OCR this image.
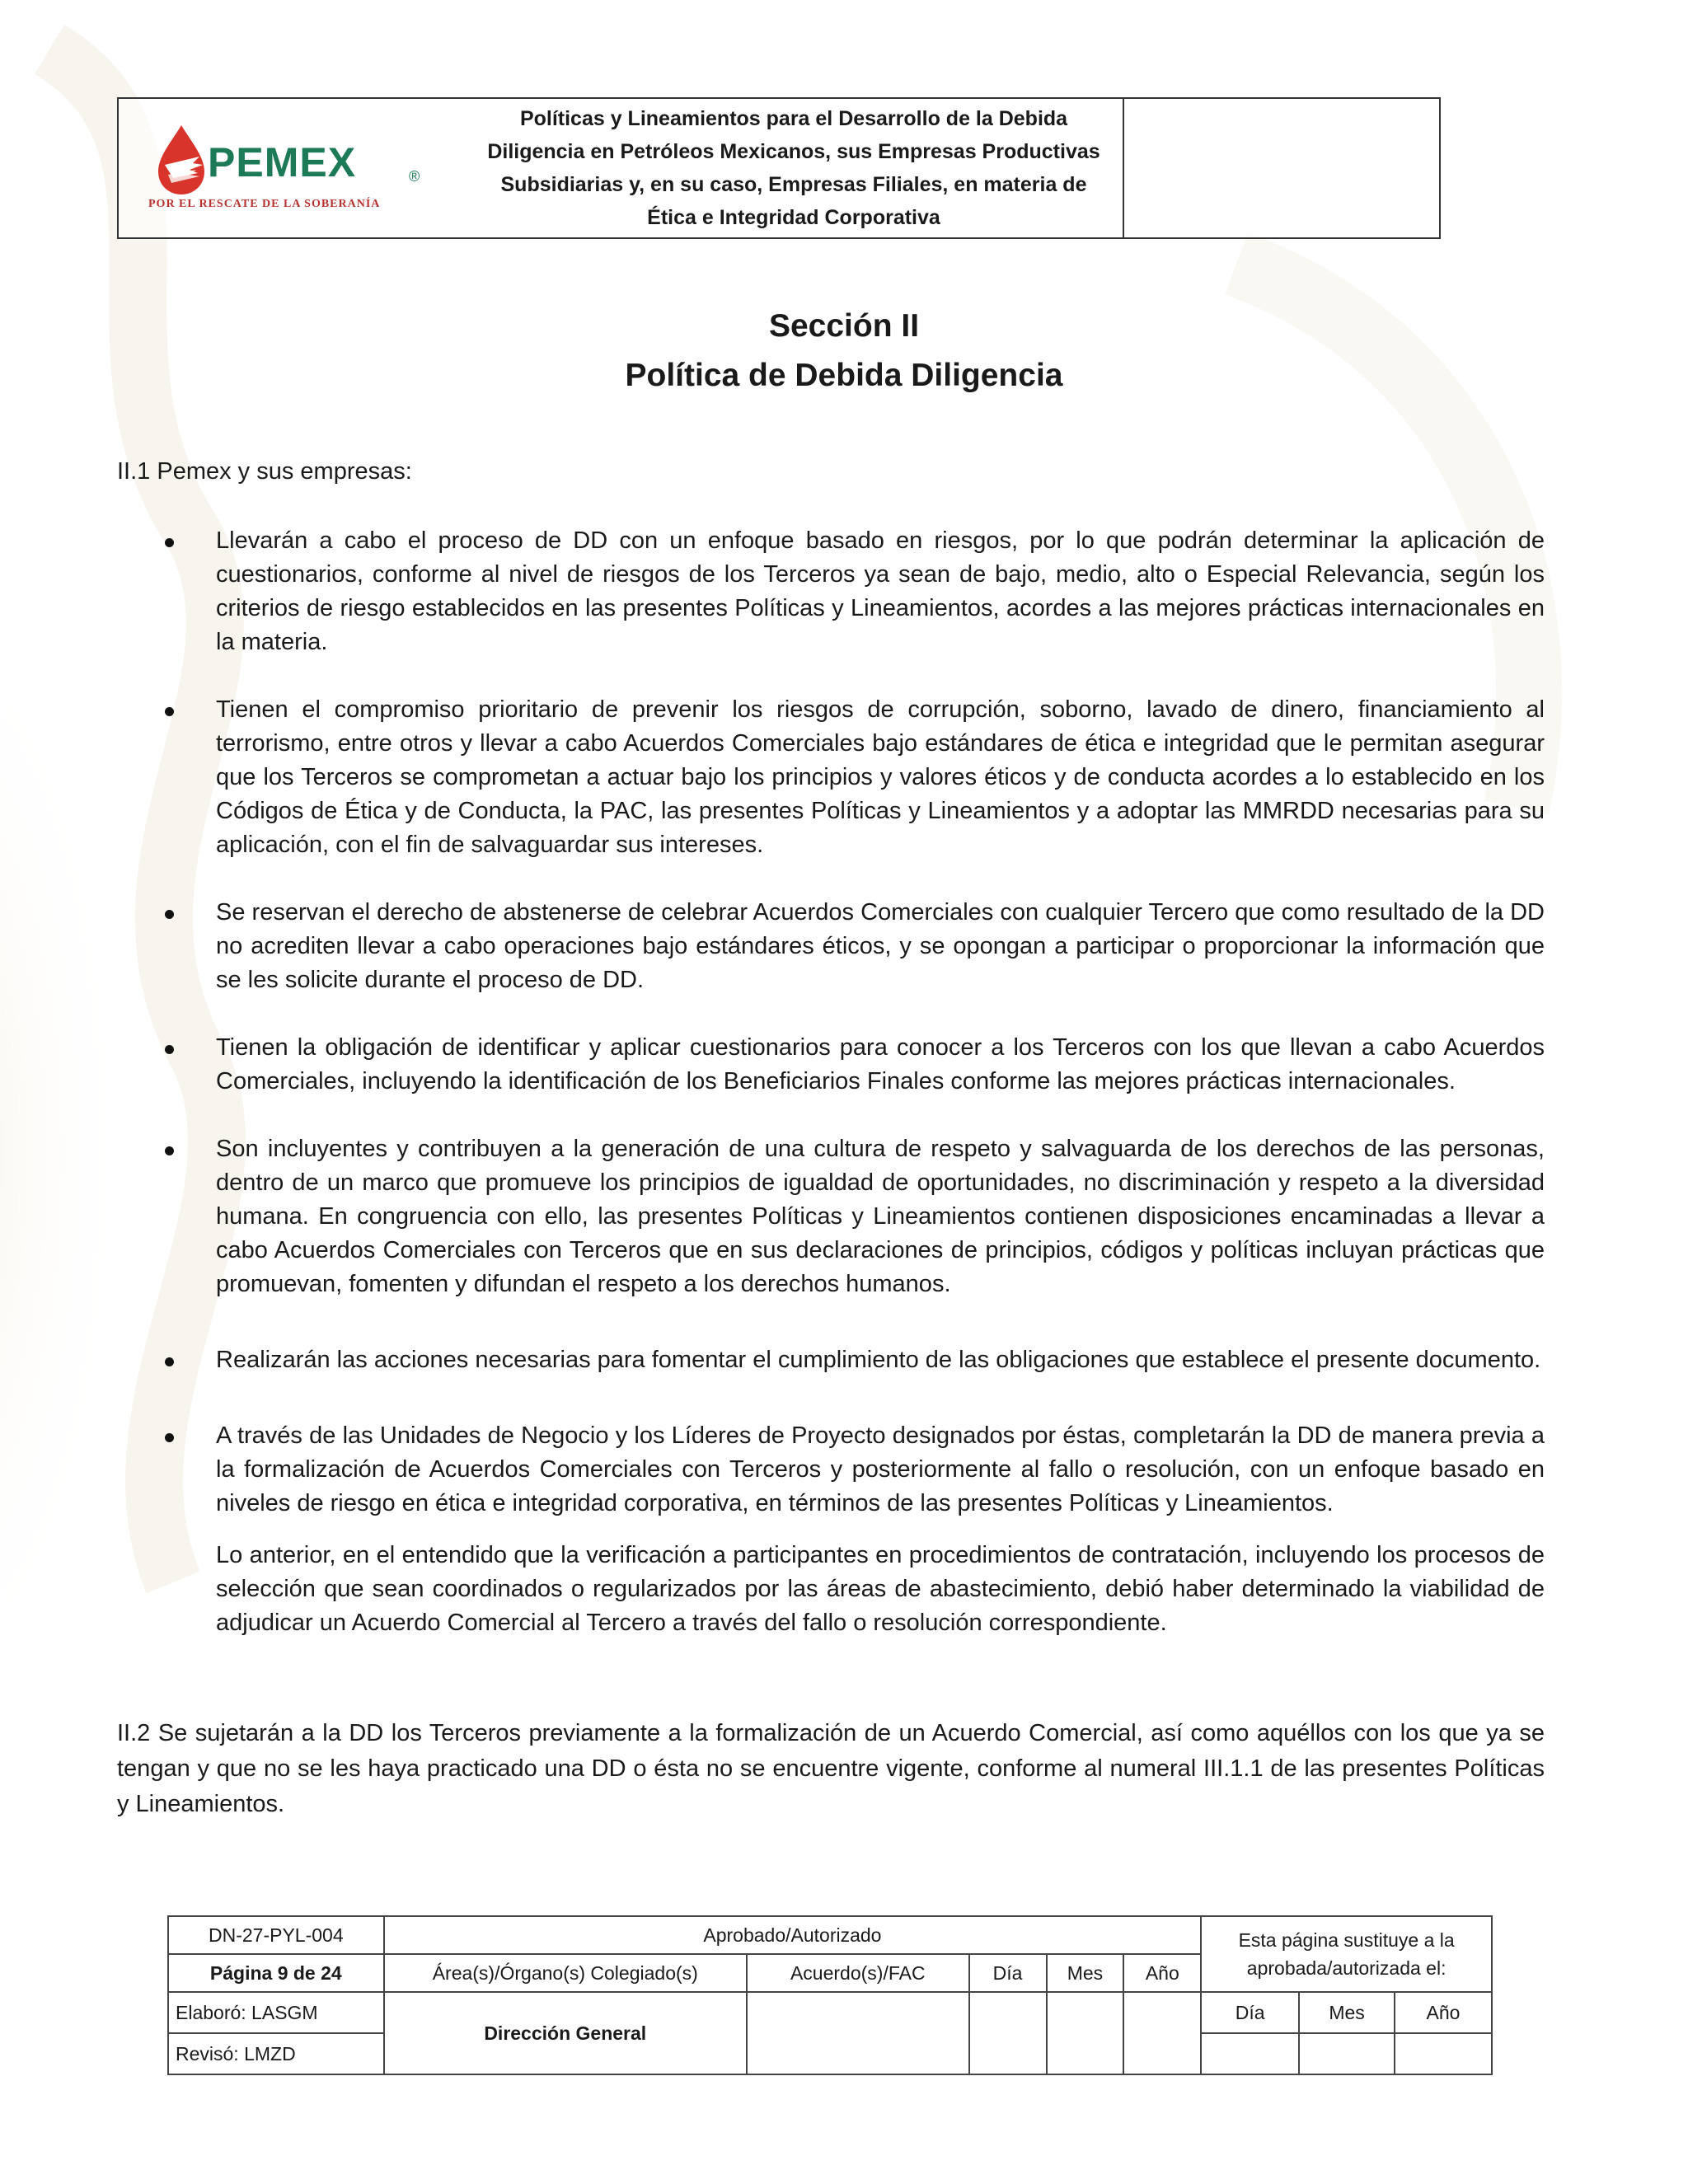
PEMEX	®
POR EL RESCATE DE LA SOBERANÍA
Políticas y Lineamientos para el Desarrollo de la Debida Diligencia en Petróleos Mexicanos, sus Empresas Productivas Subsidiarias y, en su caso, Empresas Filiales, en materia de Ética e Integridad Corporativa
Sección II
Política de Debida Diligencia
II.1 Pemex y sus empresas:

Llevarán a cabo el proceso de DD con un enfoque basado en riesgos, por lo que podrán determinar la aplicación de cuestionarios, conforme al nivel de riesgos de los Terceros ya sean de bajo, medio, alto o Especial Relevancia, según los criterios de riesgo establecidos en las presentes Políticas y Lineamientos, acordes a las mejores prácticas internacionales en la materia.

Tienen el compromiso prioritario de prevenir los riesgos de corrupción, soborno, lavado de dinero, financiamiento al terrorismo, entre otros y llevar a cabo Acuerdos Comerciales bajo estándares de ética e integridad que le permitan asegurar que los Terceros se comprometan a actuar bajo los principios y valores éticos y de conducta acordes a lo establecido en los Códigos de Ética y de Conducta, la PAC, las presentes Políticas y Lineamientos y a adoptar las MMRDD necesarias para su aplicación, con el fin de salvaguardar sus intereses.

Se reservan el derecho de abstenerse de celebrar Acuerdos Comerciales con cualquier Tercero que como resultado de la DD no acrediten llevar a cabo operaciones bajo estándares éticos, y se opongan a participar o proporcionar la información que se les solicite durante el proceso de DD.

Tienen la obligación de identificar y aplicar cuestionarios para conocer a los Terceros con los que llevan a cabo Acuerdos Comerciales, incluyendo la identificación de los Beneficiarios Finales conforme las mejores prácticas internacionales.

Son incluyentes y contribuyen a la generación de una cultura de respeto y salvaguarda de los derechos de las personas, dentro de un marco que promueve los principios de igualdad de oportunidades, no discriminación y respeto a la diversidad humana. En congruencia con ello, las presentes Políticas y Lineamientos contienen disposiciones encaminadas a llevar a cabo Acuerdos Comerciales con Terceros que en sus declaraciones de principios, códigos y políticas incluyan prácticas que promuevan, fomenten y difundan el respeto a los derechos humanos.

Realizarán las acciones necesarias para fomentar el cumplimiento de las obligaciones que establece el presente documento.

A través de las Unidades de Negocio y los Líderes de Proyecto designados por éstas, completarán la DD de manera previa a la formalización de Acuerdos Comerciales con Terceros y posteriormente al fallo o resolución, con un enfoque basado en niveles de riesgo en ética e integridad corporativa, en términos de las presentes Políticas y Lineamientos.

Lo anterior, en el entendido que la verificación a participantes en procedimientos de contratación, incluyendo los procesos de selección que sean coordinados o regularizados por las áreas de abastecimiento, debió haber determinado la viabilidad de adjudicar un Acuerdo Comercial al Tercero a través del fallo o resolución correspondiente.

II.2 Se sujetarán a la DD los Terceros previamente a la formalización de un Acuerdo Comercial, así como aquéllos con los que ya se tengan y que no se les haya practicado una DD o ésta no se encuentre vigente, conforme al numeral III.1.1 de las presentes Políticas y Lineamientos.
DN-27-PYL-004	Aprobado/Autorizado					Esta página sustituye a la aprobada/autorizada el:		
Página 9 de 24	Área(s)/Órgano(s) Colegiado(s)	Acuerdo(s)/FAC	Día	Mes	Año			
Elaboró: LASGM	Dirección General					Día	Mes	Año
Revisó: LMZD								
